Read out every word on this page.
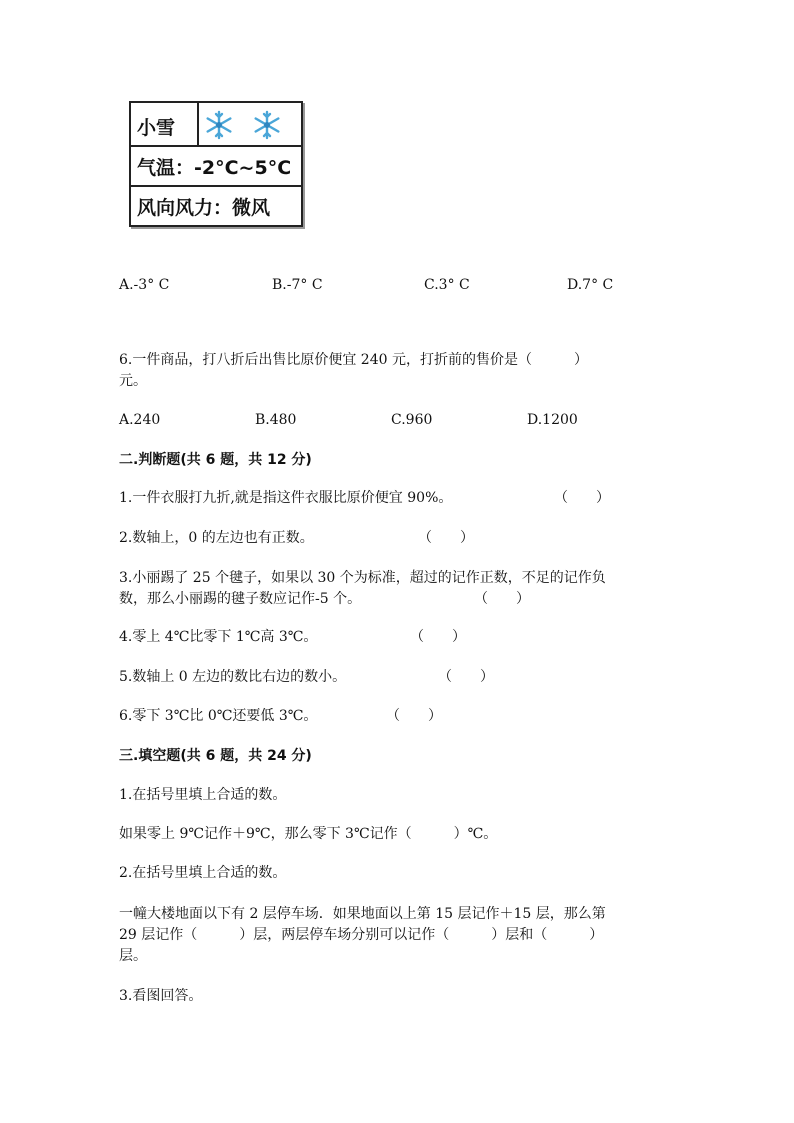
小雪
气温：-2°C~5°C
风向风力：微风
A.-3° C	B.-7° C	C.3° C	D.7° C
6.一件商品，打八折后出售比原价便宜 240 元，打折前的售价是（　　　）
元。
A.240	B.480	C.960	D.1200
二.判断题(共 6 题，共 12 分)
1.一件衣服打九折,就是指这件衣服比原价便宜 90%。	（　　）
2.数轴上，0 的左边也有正数。	（　　）
3.小丽踢了 25 个毽子，如果以 30 个为标准，超过的记作正数，不足的记作负
数，那么小丽踢的毽子数应记作-5 个。	（　　）
4.零上 4℃比零下 1℃高 3℃。	（　　）
5.数轴上 0 左边的数比右边的数小。	（　　）
6.零下 3℃比 0℃还要低 3℃。	（　　）
三.填空题(共 6 题，共 24 分)
1.在括号里填上合适的数。
如果零上 9℃记作＋9℃，那么零下 3℃记作（　　　）℃。
2.在括号里填上合适的数。
一幢大楼地面以下有 2 层停车场．如果地面以上第 15 层记作＋15 层，那么第
29 层记作（　　　）层，两层停车场分别可以记作（　　　）层和（　　　）
层。
3.看图回答。
